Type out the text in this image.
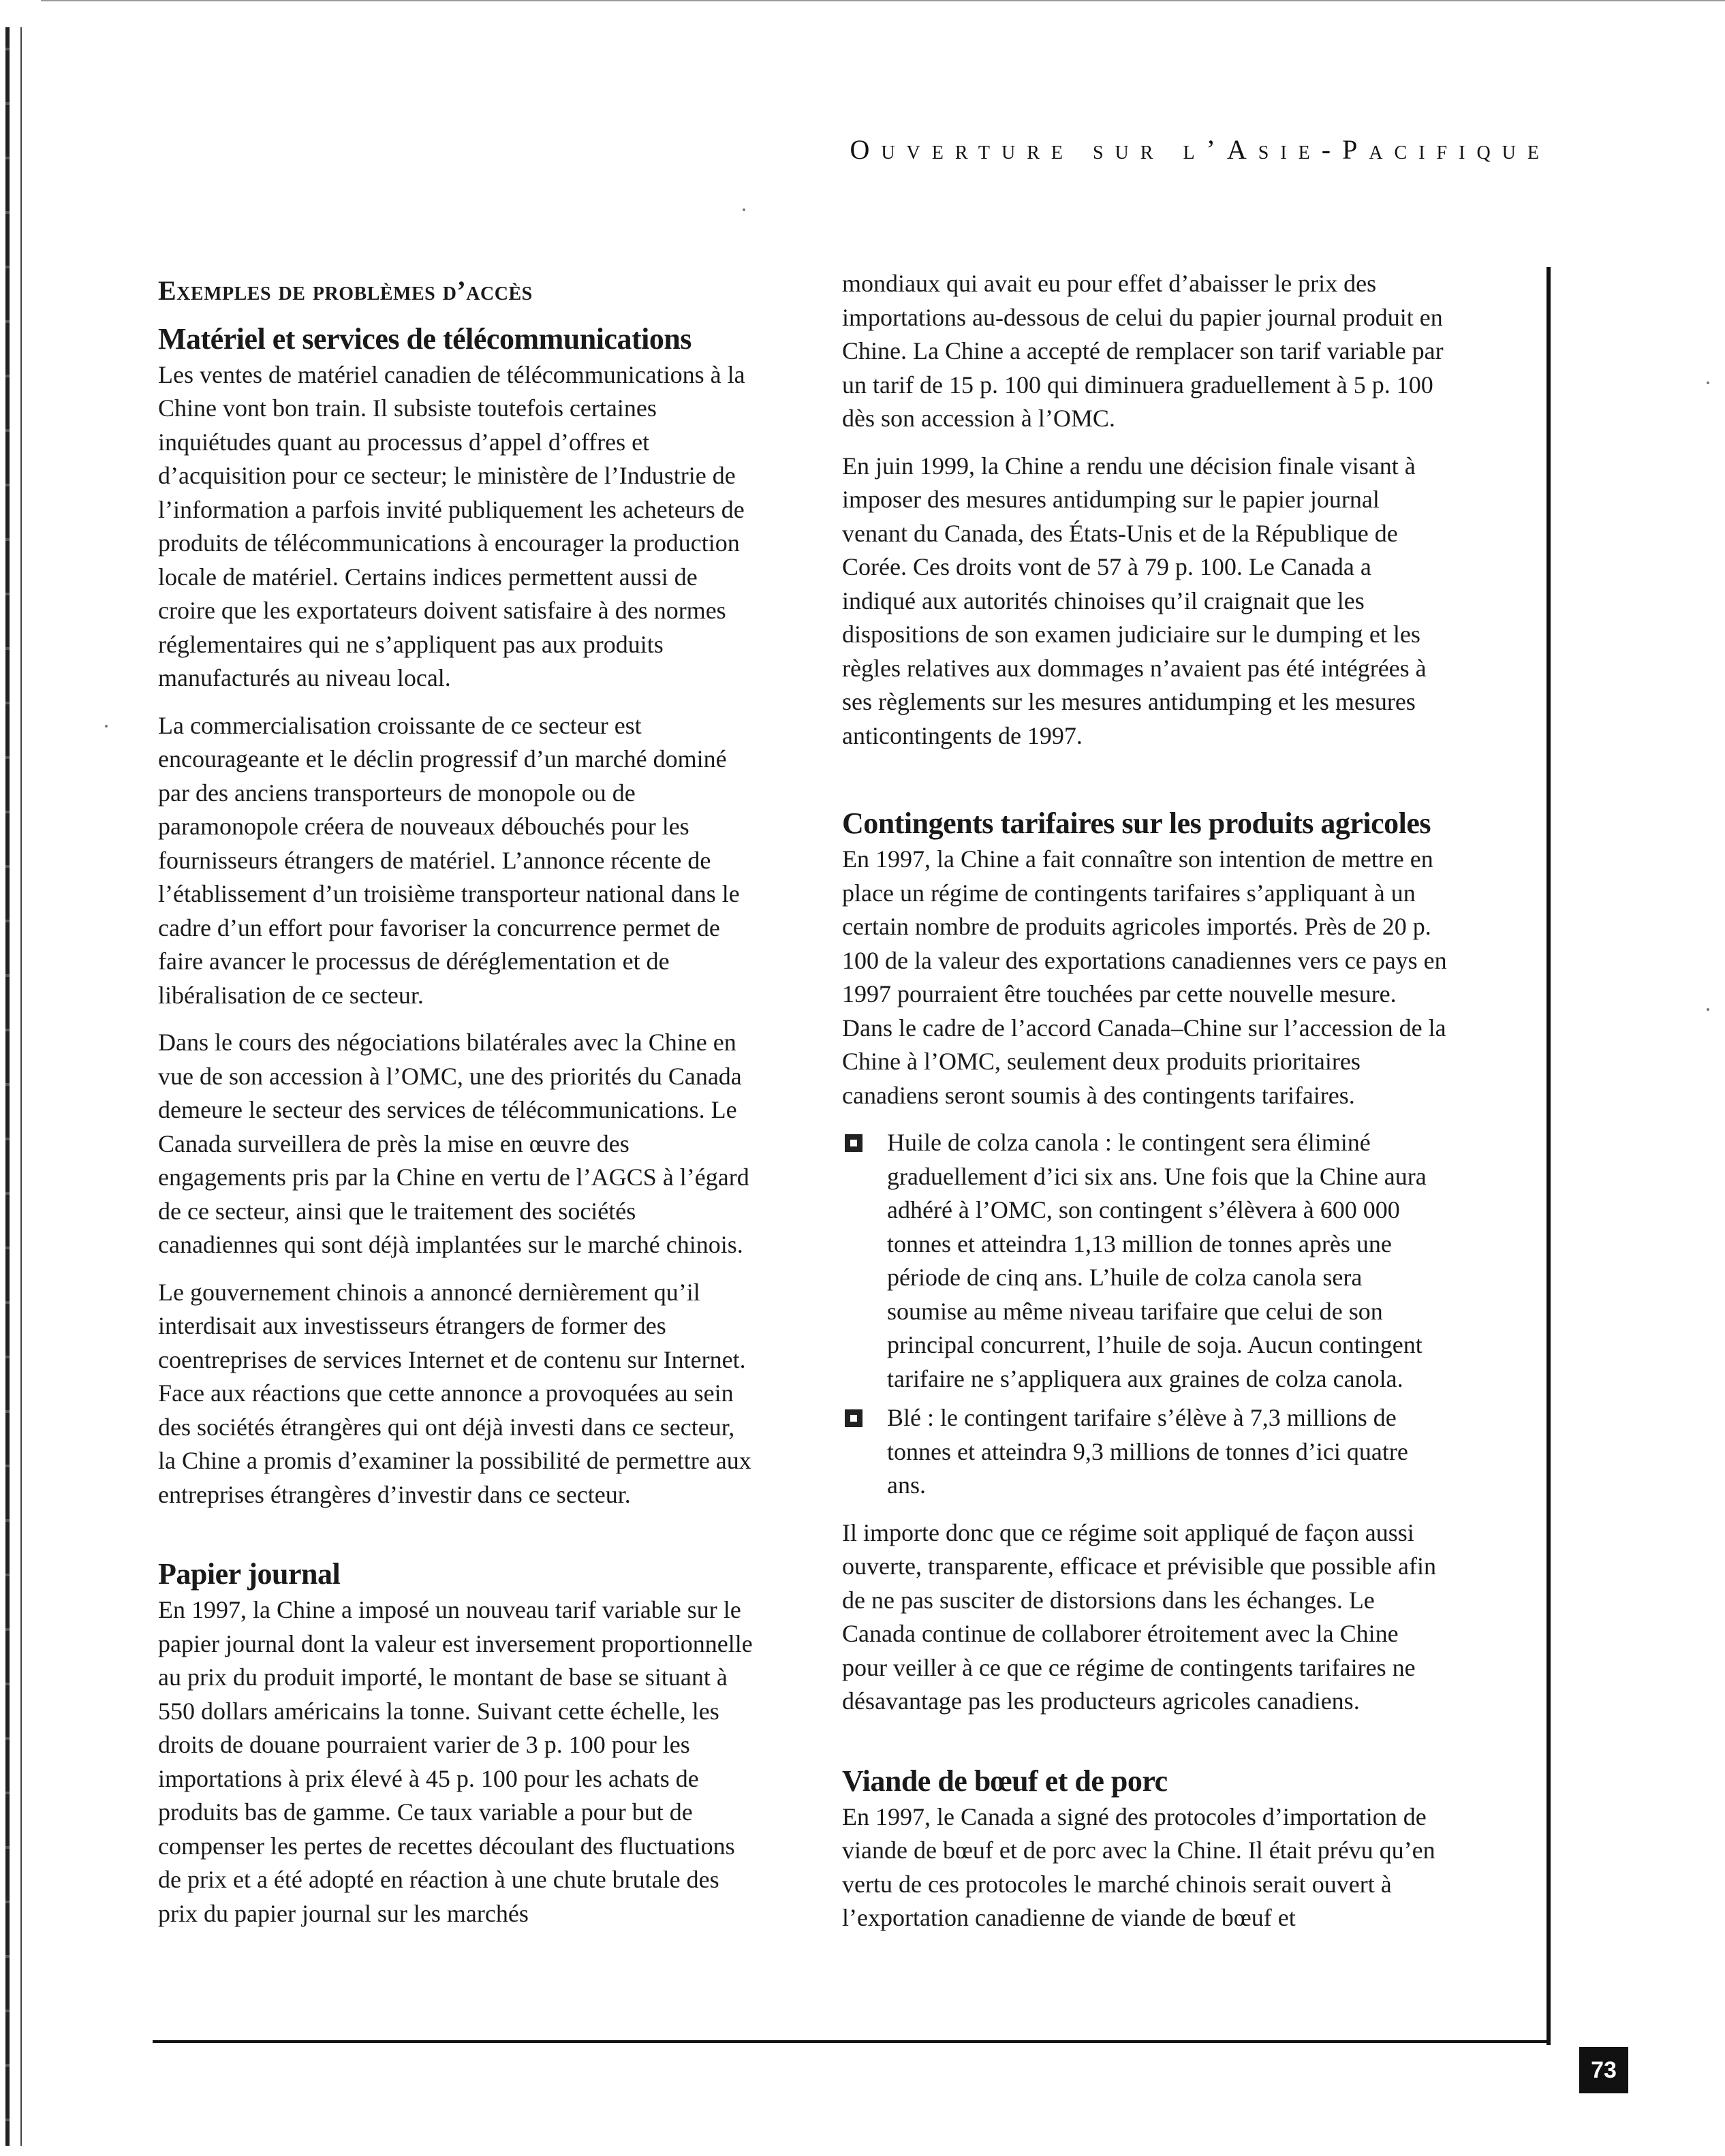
Ouverture sur l’Asie-Pacifique
Exemples de problèmes d’accès
Matériel et services de télécommunications

Les ventes de matériel canadien de télécommunications à la Chine vont bon train. Il subsiste toutefois certaines inquiétudes quant au processus d’appel d’offres et d’acquisition pour ce secteur; le ministère de l’Industrie de l’information a parfois invité publiquement les acheteurs de produits de télécommunications à encourager la production locale de matériel. Certains indices permettent aussi de croire que les exportateurs doivent satisfaire à des normes réglementaires qui ne s’appliquent pas aux produits manufacturés au niveau local.

La commercialisation croissante de ce secteur est encourageante et le déclin progressif d’un marché dominé par des anciens transporteurs de monopole ou de paramonopole créera de nouveaux débouchés pour les fournisseurs étrangers de matériel. L’annonce récente de l’établissement d’un troisième transporteur national dans le cadre d’un effort pour favoriser la concurrence permet de faire avancer le processus de déréglementation et de libéralisation de ce secteur.

Dans le cours des négociations bilatérales avec la Chine en vue de son accession à l’OMC, une des priorités du Canada demeure le secteur des services de télécommunications. Le Canada surveillera de près la mise en œuvre des engagements pris par la Chine en vertu de l’AGCS à l’égard de ce secteur, ainsi que le traitement des sociétés canadiennes qui sont déjà implantées sur le marché chinois.

Le gouvernement chinois a annoncé dernièrement qu’il interdisait aux investisseurs étrangers de former des coentreprises de services Internet et de contenu sur Internet. Face aux réactions que cette annonce a provoquées au sein des sociétés étrangères qui ont déjà investi dans ce secteur, la Chine a promis d’examiner la possibilité de permettre aux entreprises étrangères d’investir dans ce secteur.

Papier journal

En 1997, la Chine a imposé un nouveau tarif variable sur le papier journal dont la valeur est inversement proportionnelle au prix du produit importé, le montant de base se situant à 550 dollars américains la tonne. Suivant cette échelle, les droits de douane pourraient varier de 3 p. 100 pour les importations à prix élevé à 45 p. 100 pour les achats de produits bas de gamme. Ce taux variable a pour but de compenser les pertes de recettes découlant des fluctuations de prix et a été adopté en réaction à une chute brutale des prix du papier journal sur les marchés

mondiaux qui avait eu pour effet d’abaisser le prix des importations au-dessous de celui du papier journal produit en Chine. La Chine a accepté de remplacer son tarif variable par un tarif de 15 p. 100 qui diminuera graduellement à 5 p. 100 dès son accession à l’OMC.

En juin 1999, la Chine a rendu une décision finale visant à imposer des mesures antidumping sur le papier journal venant du Canada, des États-Unis et de la République de Corée. Ces droits vont de 57 à 79 p. 100. Le Canada a indiqué aux autorités chinoises qu’il craignait que les dispositions de son examen judiciaire sur le dumping et les règles relatives aux dommages n’avaient pas été intégrées à ses règlements sur les mesures antidumping et les mesures anticontingents de 1997.

Contingents tarifaires sur les produits agricoles

En 1997, la Chine a fait connaître son intention de mettre en place un régime de contingents tarifaires s’appliquant à un certain nombre de produits agricoles importés. Près de 20 p. 100 de la valeur des exportations canadiennes vers ce pays en 1997 pourraient être touchées par cette nouvelle mesure. Dans le cadre de l’accord Canada–Chine sur l’accession de la Chine à l’OMC, seulement deux produits prioritaires canadiens seront soumis à des contingents tarifaires.

Huile de colza canola : le contingent sera éliminé graduellement d’ici six ans. Une fois que la Chine aura adhéré à l’OMC, son contingent s’élèvera à 600 000 tonnes et atteindra 1,13 million de tonnes après une période de cinq ans. L’huile de colza canola sera soumise au même niveau tarifaire que celui de son principal concurrent, l’huile de soja. Aucun contingent tarifaire ne s’appliquera aux graines de colza canola.
Blé : le contingent tarifaire s’élève à 7,3 millions de tonnes et atteindra 9,3 millions de tonnes d’ici quatre ans.

Il importe donc que ce régime soit appliqué de façon aussi ouverte, transparente, efficace et prévisible que possible afin de ne pas susciter de distorsions dans les échanges. Le Canada continue de collaborer étroitement avec la Chine pour veiller à ce que ce régime de contingents tarifaires ne désavantage pas les producteurs agricoles canadiens.

Viande de bœuf et de porc

En 1997, le Canada a signé des protocoles d’importation de viande de bœuf et de porc avec la Chine. Il était prévu qu’en vertu de ces protocoles le marché chinois serait ouvert à l’exportation canadienne de viande de bœuf et

73
